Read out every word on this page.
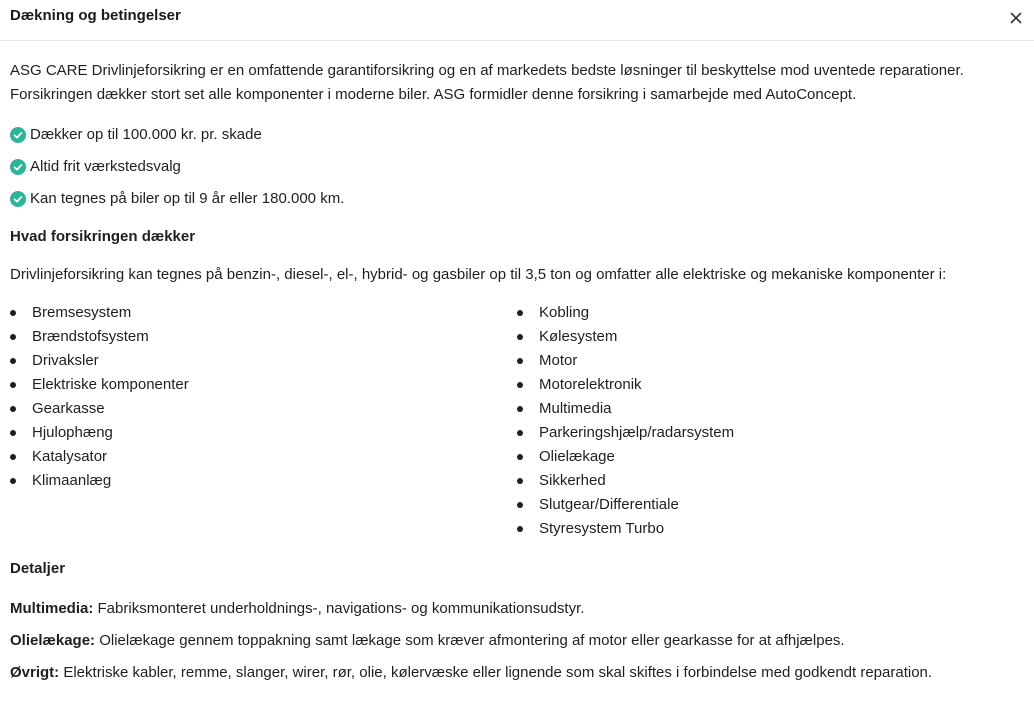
Dækning og betingelser

ASG CARE Drivlinjeforsikring er en omfattende garantiforsikring og en af markedets bedste løsninger til beskyttelse mod uventede reparationer. Forsikringen dækker stort set alle komponenter i moderne biler. ASG formidler denne forsikring i samarbejde med AutoConcept.

Dækker op til 100.000 kr. pr. skade
Altid frit værkstedsvalg
Kan tegnes på biler op til 9 år eller 180.000 km.
Hvad forsikringen dækker

Drivlinjeforsikring kan tegnes på benzin-, diesel-, el-, hybrid- og gasbiler op til 3,5 ton og omfatter alle elektriske og mekaniske komponenter i:

Bremsesystem
Brændstofsystem
Drivaksler
Elektriske komponenter
Gearkasse
Hjulophæng
Katalysator
Klimaanlæg
Kobling
Kølesystem
Motor
Motorelektronik
Multimedia
Parkeringshjælp/radarsystem
Olielækage
Sikkerhed
Slutgear/Differentiale
Styresystem Turbo
Detaljer

Multimedia: Fabriksmonteret underholdnings-, navigations- og kommunikationsudstyr.

Olielækage: Olielækage gennem toppakning samt lækage som kræver afmontering af motor eller gearkasse for at afhjælpes.

Øvrigt: Elektriske kabler, remme, slanger, wirer, rør, olie, kølervæske eller lignende som skal skiftes i forbindelse med godkendt reparation.
